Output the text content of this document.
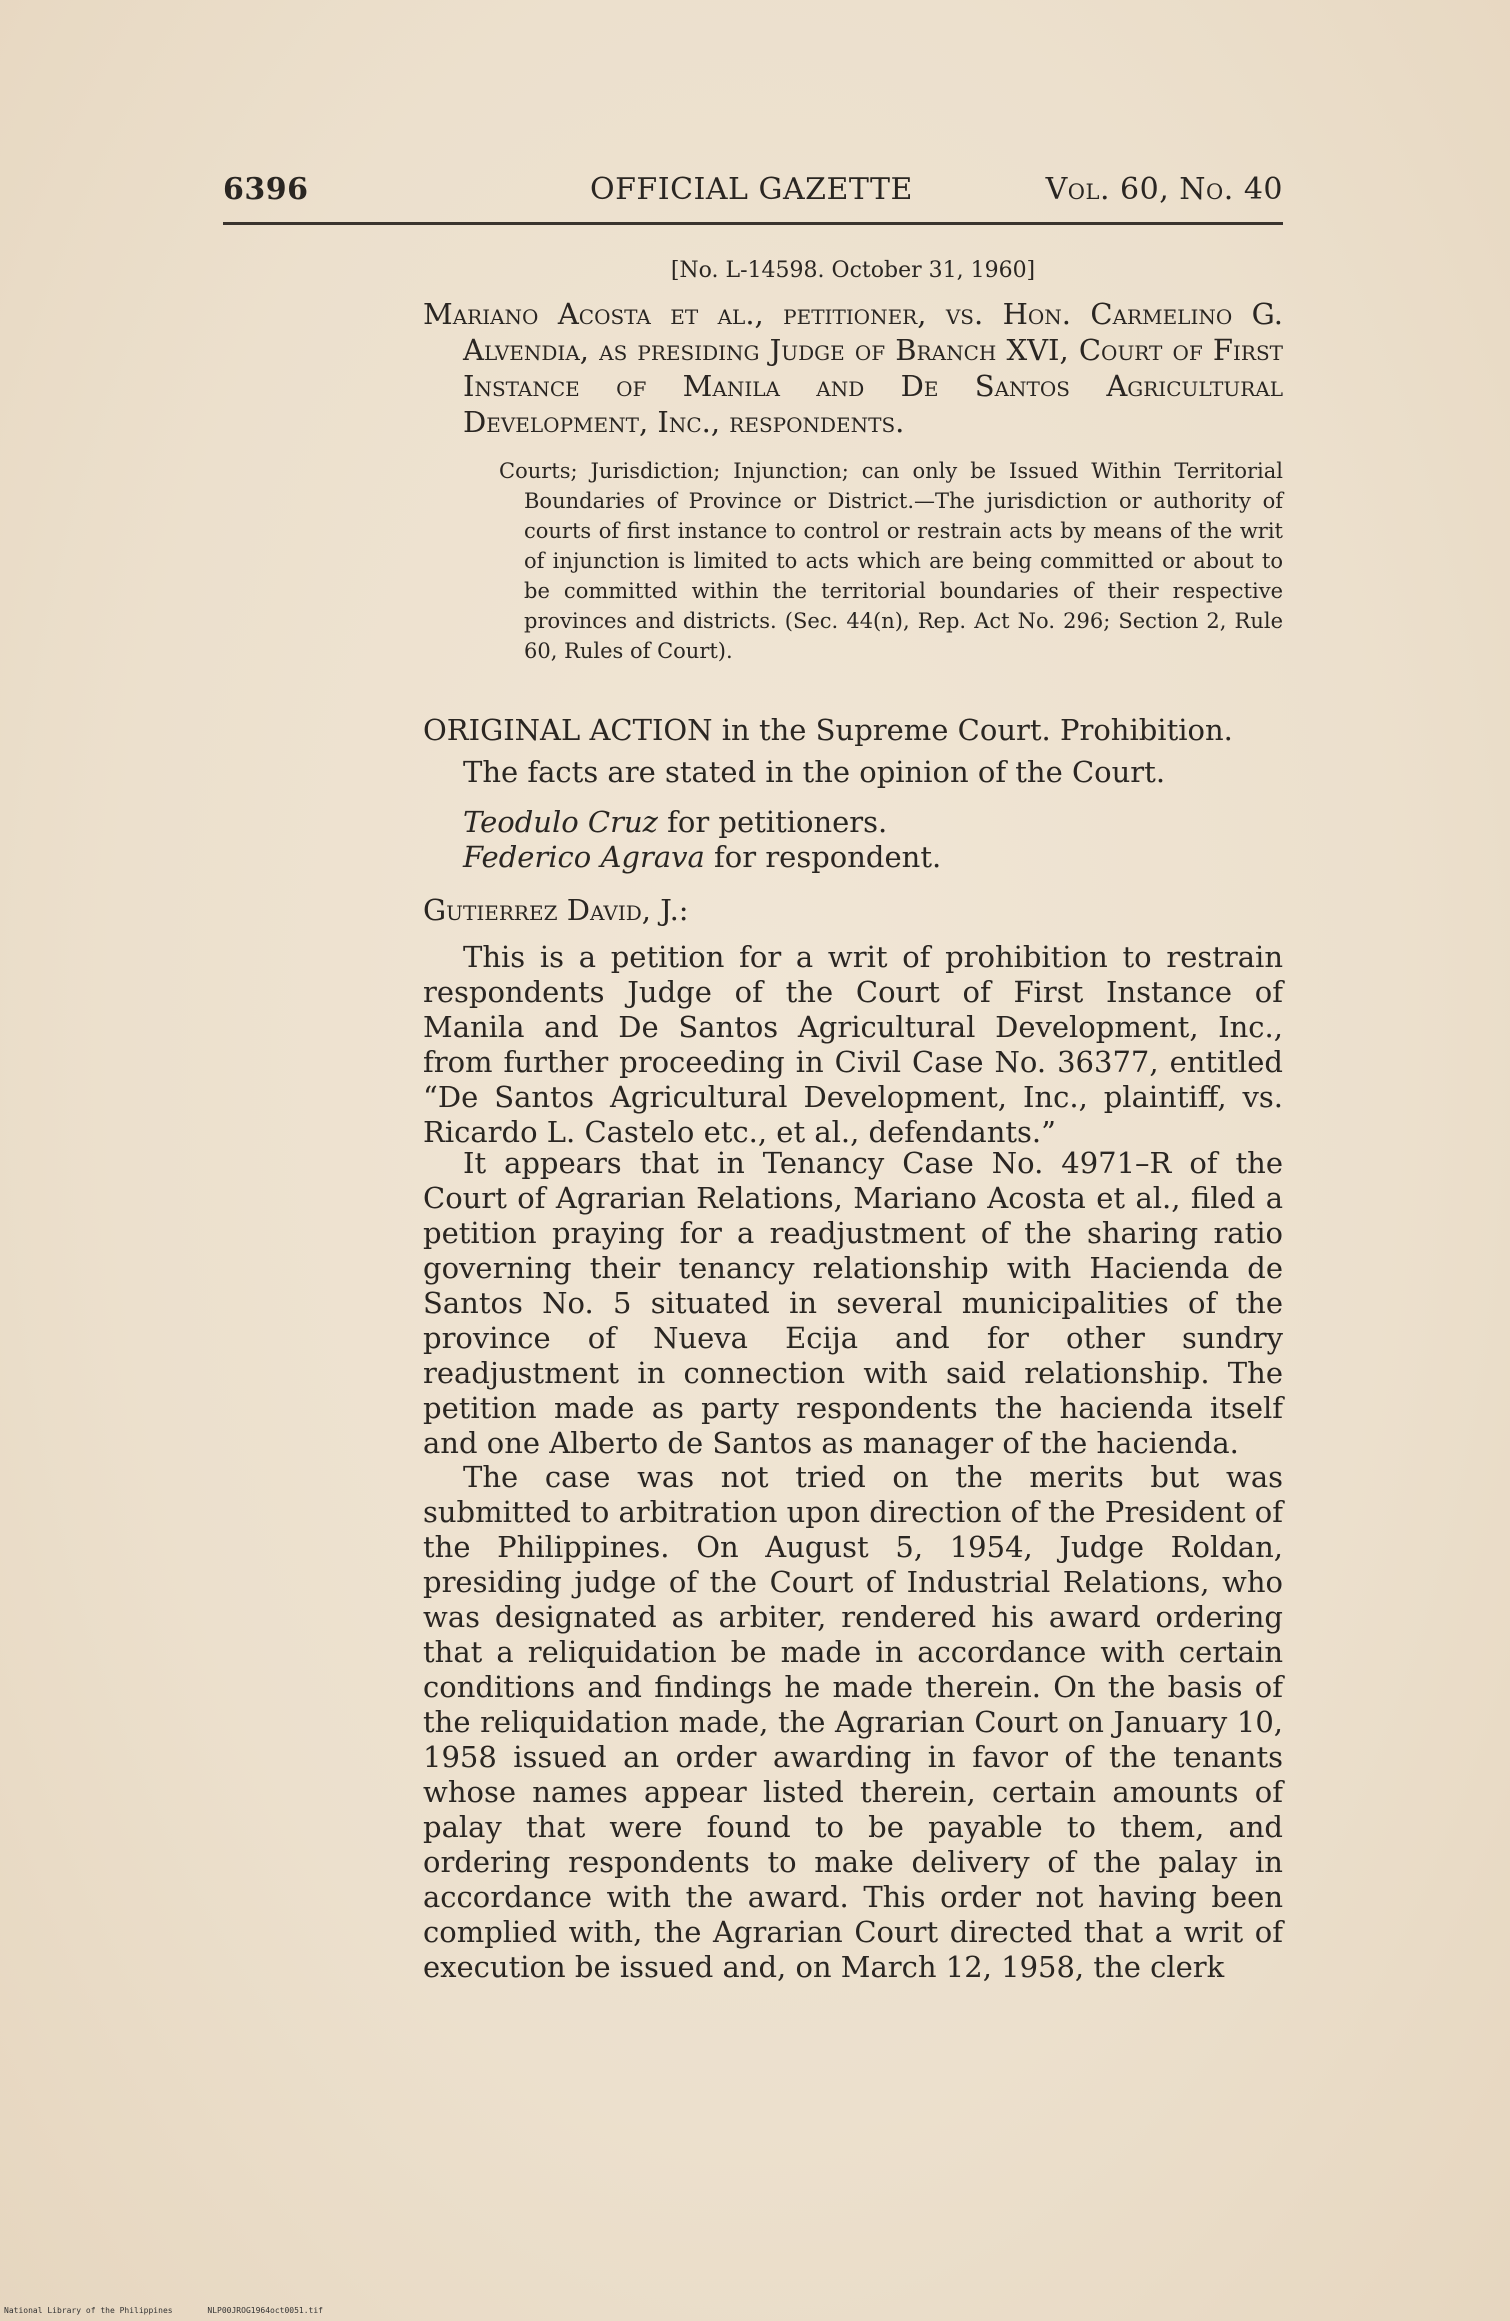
6396	OFFICIAL GAZETTE	Vol. 60, No. 40
[No. L-14598. October 31, 1960]
Mariano Acosta et al., petitioner, vs. Hon. Carmelino G. Alvendia, as presiding Judge of Branch XVI, Court of First Instance of Manila and De Santos Agricultural Development, Inc., respondents.
Courts; Jurisdiction; Injunction; can only be Issued Within Territorial Boundaries of Province or District.—The jurisdiction or authority of courts of first instance to control or restrain acts by means of the writ of injunction is limited to acts which are being committed or about to be committed within the territorial boundaries of their respective provinces and districts. (Sec. 44(n), Rep. Act No. 296; Section 2, Rule 60, Rules of Court).
ORIGINAL ACTION in the Supreme Court. Prohibition.
The facts are stated in the opinion of the Court.
Teodulo Cruz for petitioners.
Federico Agrava for respondent.
Gutierrez David, J.:
This is a petition for a writ of prohibition to restrain respondents Judge of the Court of First Instance of Manila and De Santos Agricultural Development, Inc., from further proceeding in Civil Case No. 36377, entitled “De Santos Agricultural Development, Inc., plaintiff, vs. Ricardo L. Castelo etc., et al., defendants.”
It appears that in Tenancy Case No. 4971–R of the Court of Agrarian Relations, Mariano Acosta et al., filed a petition praying for a readjustment of the sharing ratio governing their tenancy relationship with Hacienda de Santos No. 5 situated in several municipalities of the province of Nueva Ecija and for other sundry readjustment in connection with said relationship. The petition made as party respondents the hacienda itself and one Alberto de Santos as manager of the hacienda.
The case was not tried on the merits but was submitted to arbitration upon direction of the President of the Philippines. On August 5, 1954, Judge Roldan, presiding judge of the Court of Industrial Relations, who was designated as arbiter, rendered his award ordering that a reliquidation be made in accordance with certain conditions and findings he made therein. On the basis of the reliquidation made, the Agrarian Court on January 10, 1958 issued an order awarding in favor of the tenants whose names appear listed therein, certain amounts of palay that were found to be payable to them, and ordering respondents to make delivery of the palay in accordance with the award. This order not having been complied with, the Agrarian Court directed that a writ of execution be issued and, on March 12, 1958, the clerk
National Library of the Philippines	NLP00JROG1964oct0051.tif
